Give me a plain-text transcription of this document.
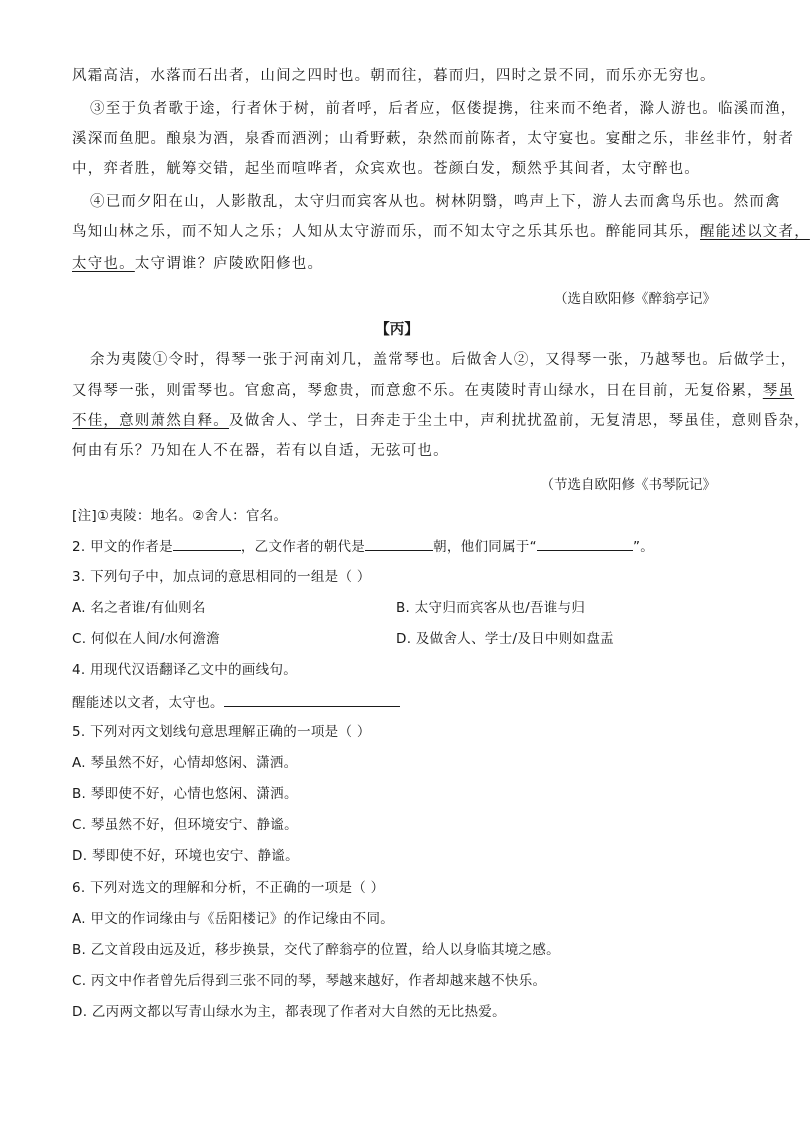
风霜高洁，水落而石出者，山间之四时也。朝而往，暮而归，四时之景不同，而乐亦无穷也。
③至于负者歌于途，行者休于树，前者呼，后者应，伛偻提携，往来而不绝者，滁人游也。临溪而渔，
溪深而鱼肥。酿泉为酒，泉香而酒洌；山肴野蔌，杂然而前陈者，太守宴也。宴酣之乐，非丝非竹，射者
中，弈者胜，觥筹交错，起坐而喧哗者，众宾欢也。苍颜白发，颓然乎其间者，太守醉也。
④已而夕阳在山，人影散乱，太守归而宾客从也。树林阴翳，鸣声上下，游人去而禽鸟乐也。然而禽
鸟知山林之乐，而不知人之乐；人知从太守游而乐，而不知太守之乐其乐也。醉能同其乐，醒能述以文者，
太守也。太守谓谁？庐陵欧阳修也。
（选自欧阳修《醉翁亭记》
【丙】
余为夷陵①令时，得琴一张于河南刘几，盖常琴也。后做舍人②，又得琴一张，乃越琴也。后做学士，
又得琴一张，则雷琴也。官愈高，琴愈贵，而意愈不乐。在夷陵时青山绿水，日在目前，无复俗累，琴虽
不佳，意则萧然自释。及做舍人、学士，日奔走于尘土中，声利扰扰盈前，无复清思，琴虽佳，意则昏杂，
何由有乐？乃知在人不在器，若有以自适，无弦可也。
（节选自欧阳修《书琴阮记》
[注]①夷陵：地名。②舍人：官名。
2. 甲文的作者是	，乙文作者的朝代是	朝，他们同属于“	”。
3. 下列句子中，加点词的意思相同的一组是（ ）
A. 名之者谁/有仙则名	B. 太守归而宾客从也/吾谁与归
C. 何似在人间/水何澹澹	D. 及做舍人、学士/及日中则如盘盂
4. 用现代汉语翻译乙文中的画线句。
醒能述以文者，太守也。
5. 下列对丙文划线句意思理解正确的一项是（ ）
A. 琴虽然不好，心情却悠闲、潇洒。
B. 琴即使不好，心情也悠闲、潇洒。
C. 琴虽然不好，但环境安宁、静谧。
D. 琴即使不好，环境也安宁、静谧。
6. 下列对选文的理解和分析，不正确的一项是（ ）
A. 甲文的作词缘由与《岳阳楼记》的作记缘由不同。
B. 乙文首段由远及近，移步换景，交代了醉翁亭的位置，给人以身临其境之感。
C. 丙文中作者曾先后得到三张不同的琴，琴越来越好，作者却越来越不快乐。
D. 乙丙两文都以写青山绿水为主，都表现了作者对大自然的无比热爱。
